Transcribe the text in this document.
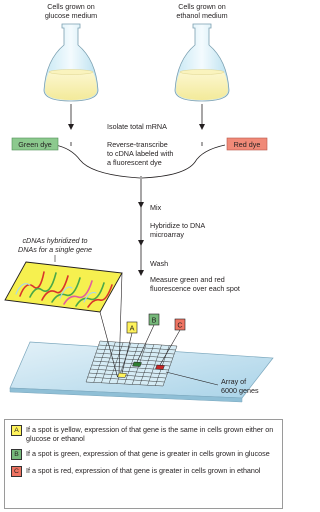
Cells grown on
glucose medium
Cells grown on
ethanol medium
Isolate total mRNA
Reverse-transcribe
to cDNA labeled with
a fluorescent dye
Mix
Hybridize to DNA
microarray
Wash
Measure green and red
fluorescence over each spot
Green dye	Red dye
cDNAs hybridized to
DNAs for a single gene
A
B
C
Array of
6000 genes
A	If a spot is yellow, expression of that gene is the same in cells grown either on glucose or ethanol
B	If a spot is green, expression of that gene is greater in cells grown in glucose
C If a spot is red, expression of that gene is greater in cells grown in ethanol
